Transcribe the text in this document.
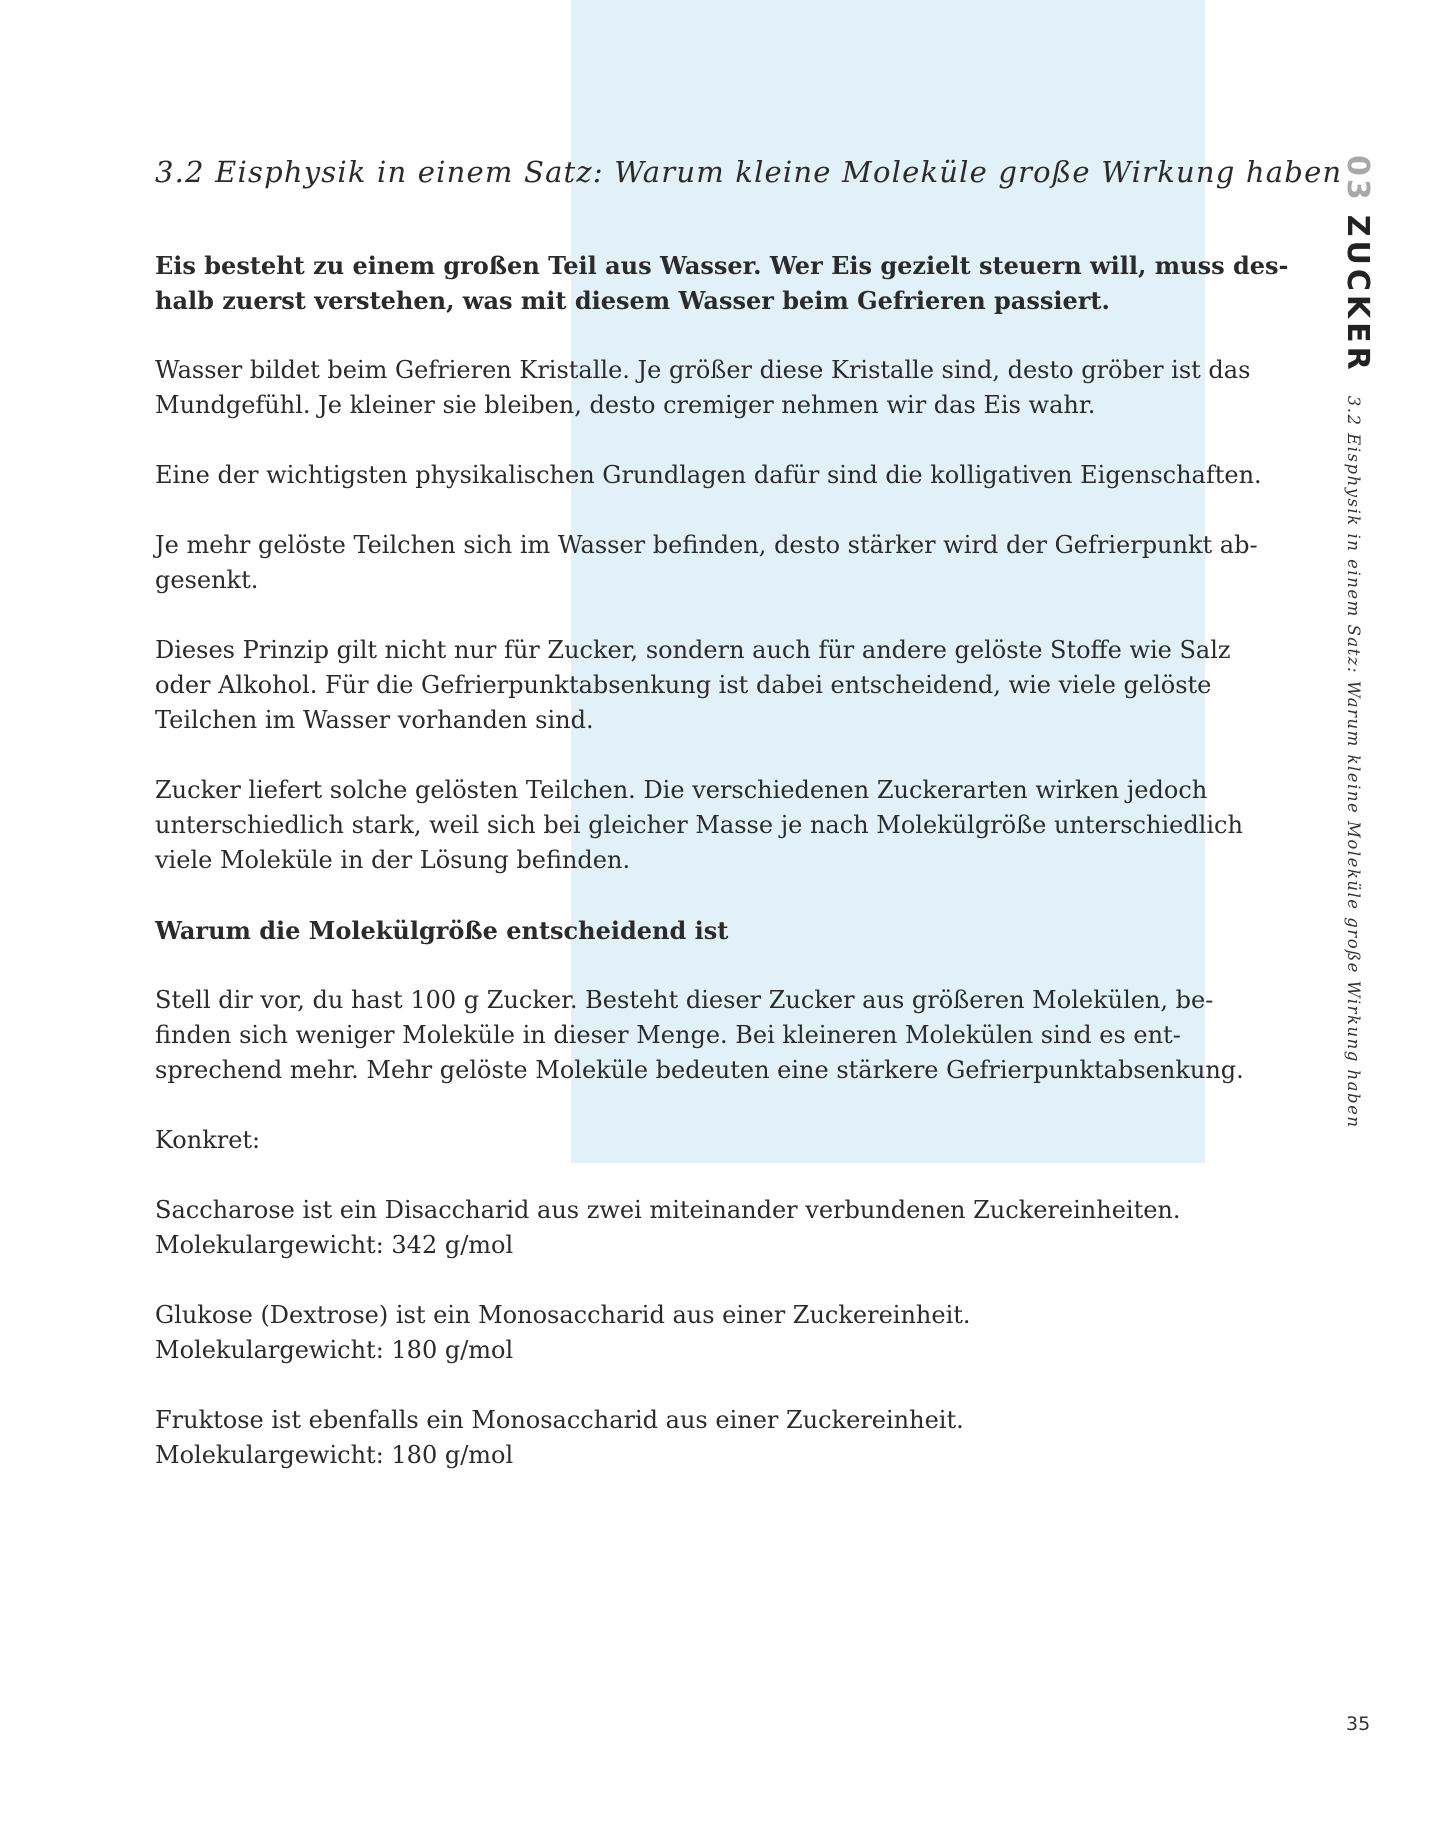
03
ZUCKER
3.2 Eisphysik in einem Satz: Warum kleine Moleküle große Wirkung haben
3.2 Eisphysik in einem Satz: Warum kleine Moleküle große Wirkung haben

Eis besteht zu einem großen Teil aus Wasser. Wer Eis gezielt steuern will, muss des-
halb zuerst verstehen, was mit diesem Wasser beim Gefrieren passiert.

Wasser bildet beim Gefrieren Kristalle. Je größer diese Kristalle sind, desto gröber ist das
Mundgefühl. Je kleiner sie bleiben, desto cremiger nehmen wir das Eis wahr.

Eine der wichtigsten physikalischen Grundlagen dafür sind die kolligativen Eigenschaften.

Je mehr gelöste Teilchen sich im Wasser befinden, desto stärker wird der Gefrierpunkt ab-
gesenkt.

Dieses Prinzip gilt nicht nur für Zucker, sondern auch für andere gelöste Stoffe wie Salz
oder Alkohol. Für die Gefrierpunktabsenkung ist dabei entscheidend, wie viele gelöste
Teilchen im Wasser vorhanden sind.

Zucker liefert solche gelösten Teilchen. Die verschiedenen Zuckerarten wirken jedoch
unterschiedlich stark, weil sich bei gleicher Masse je nach Molekülgröße unterschiedlich
viele Moleküle in der Lösung befinden.

Warum die Molekülgröße entscheidend ist

Stell dir vor, du hast 100 g Zucker. Besteht dieser Zucker aus größeren Molekülen, be-
finden sich weniger Moleküle in dieser Menge. Bei kleineren Molekülen sind es ent-
sprechend mehr. Mehr gelöste Moleküle bedeuten eine stärkere Gefrierpunktabsenkung.

Konkret:

Saccharose ist ein Disaccharid aus zwei miteinander verbundenen Zuckereinheiten.
Molekulargewicht: 342 g/mol

Glukose (Dextrose) ist ein Monosaccharid aus einer Zuckereinheit.
Molekulargewicht: 180 g/mol

Fruktose ist ebenfalls ein Monosaccharid aus einer Zuckereinheit.
Molekulargewicht: 180 g/mol

35
